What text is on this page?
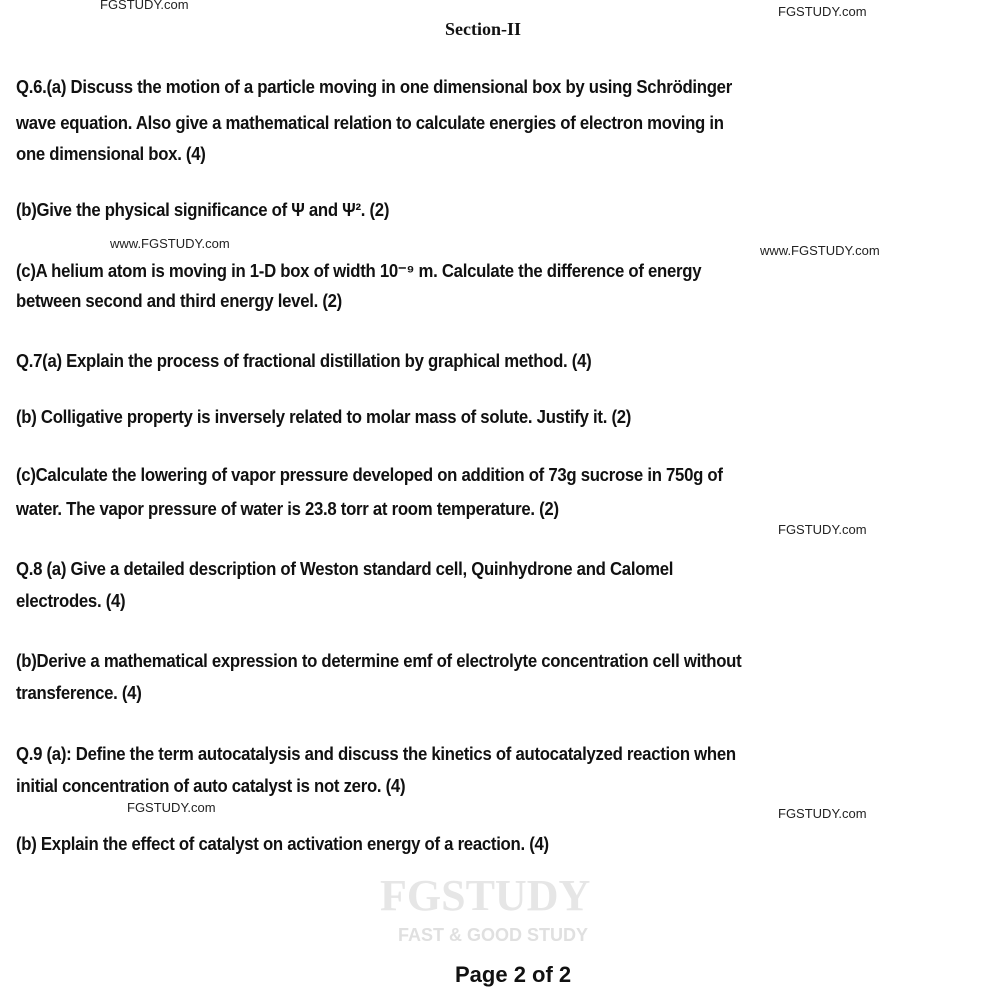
FGSTUDY
FAST & GOOD STUDY
FGSTUDY.com	FGSTUDY.com
Section-II
Q.6.(a) Discuss the motion of a particle moving in one dimensional box by using Schrödinger
wave equation. Also give a mathematical relation to calculate energies of electron moving in
one dimensional box. (4)
(b)Give the physical significance of Ψ and Ψ². (2)
www.FGSTUDY.com	www.FGSTUDY.com
(c)A helium atom is moving in 1-D box of width 10⁻⁹ m. Calculate the difference of energy
between second and third energy level. (2)
Q.7(a) Explain the process of fractional distillation by graphical method. (4)
(b) Colligative property is inversely related to molar mass of solute. Justify it. (2)
(c)Calculate the lowering of vapor pressure developed on addition of 73g sucrose in 750g of
water. The vapor pressure of water is 23.8 torr at room temperature. (2)
FGSTUDY.com
Q.8 (a) Give a detailed description of Weston standard cell, Quinhydrone and Calomel
electrodes. (4)
(b)Derive a mathematical expression to determine emf of electrolyte concentration cell without
transference. (4)
Q.9 (a): Define the term autocatalysis and discuss the kinetics of autocatalyzed reaction when
initial concentration of auto catalyst is not zero. (4)
FGSTUDY.com	FGSTUDY.com
(b) Explain the effect of catalyst on activation energy of a reaction. (4)
Page 2 of 2
